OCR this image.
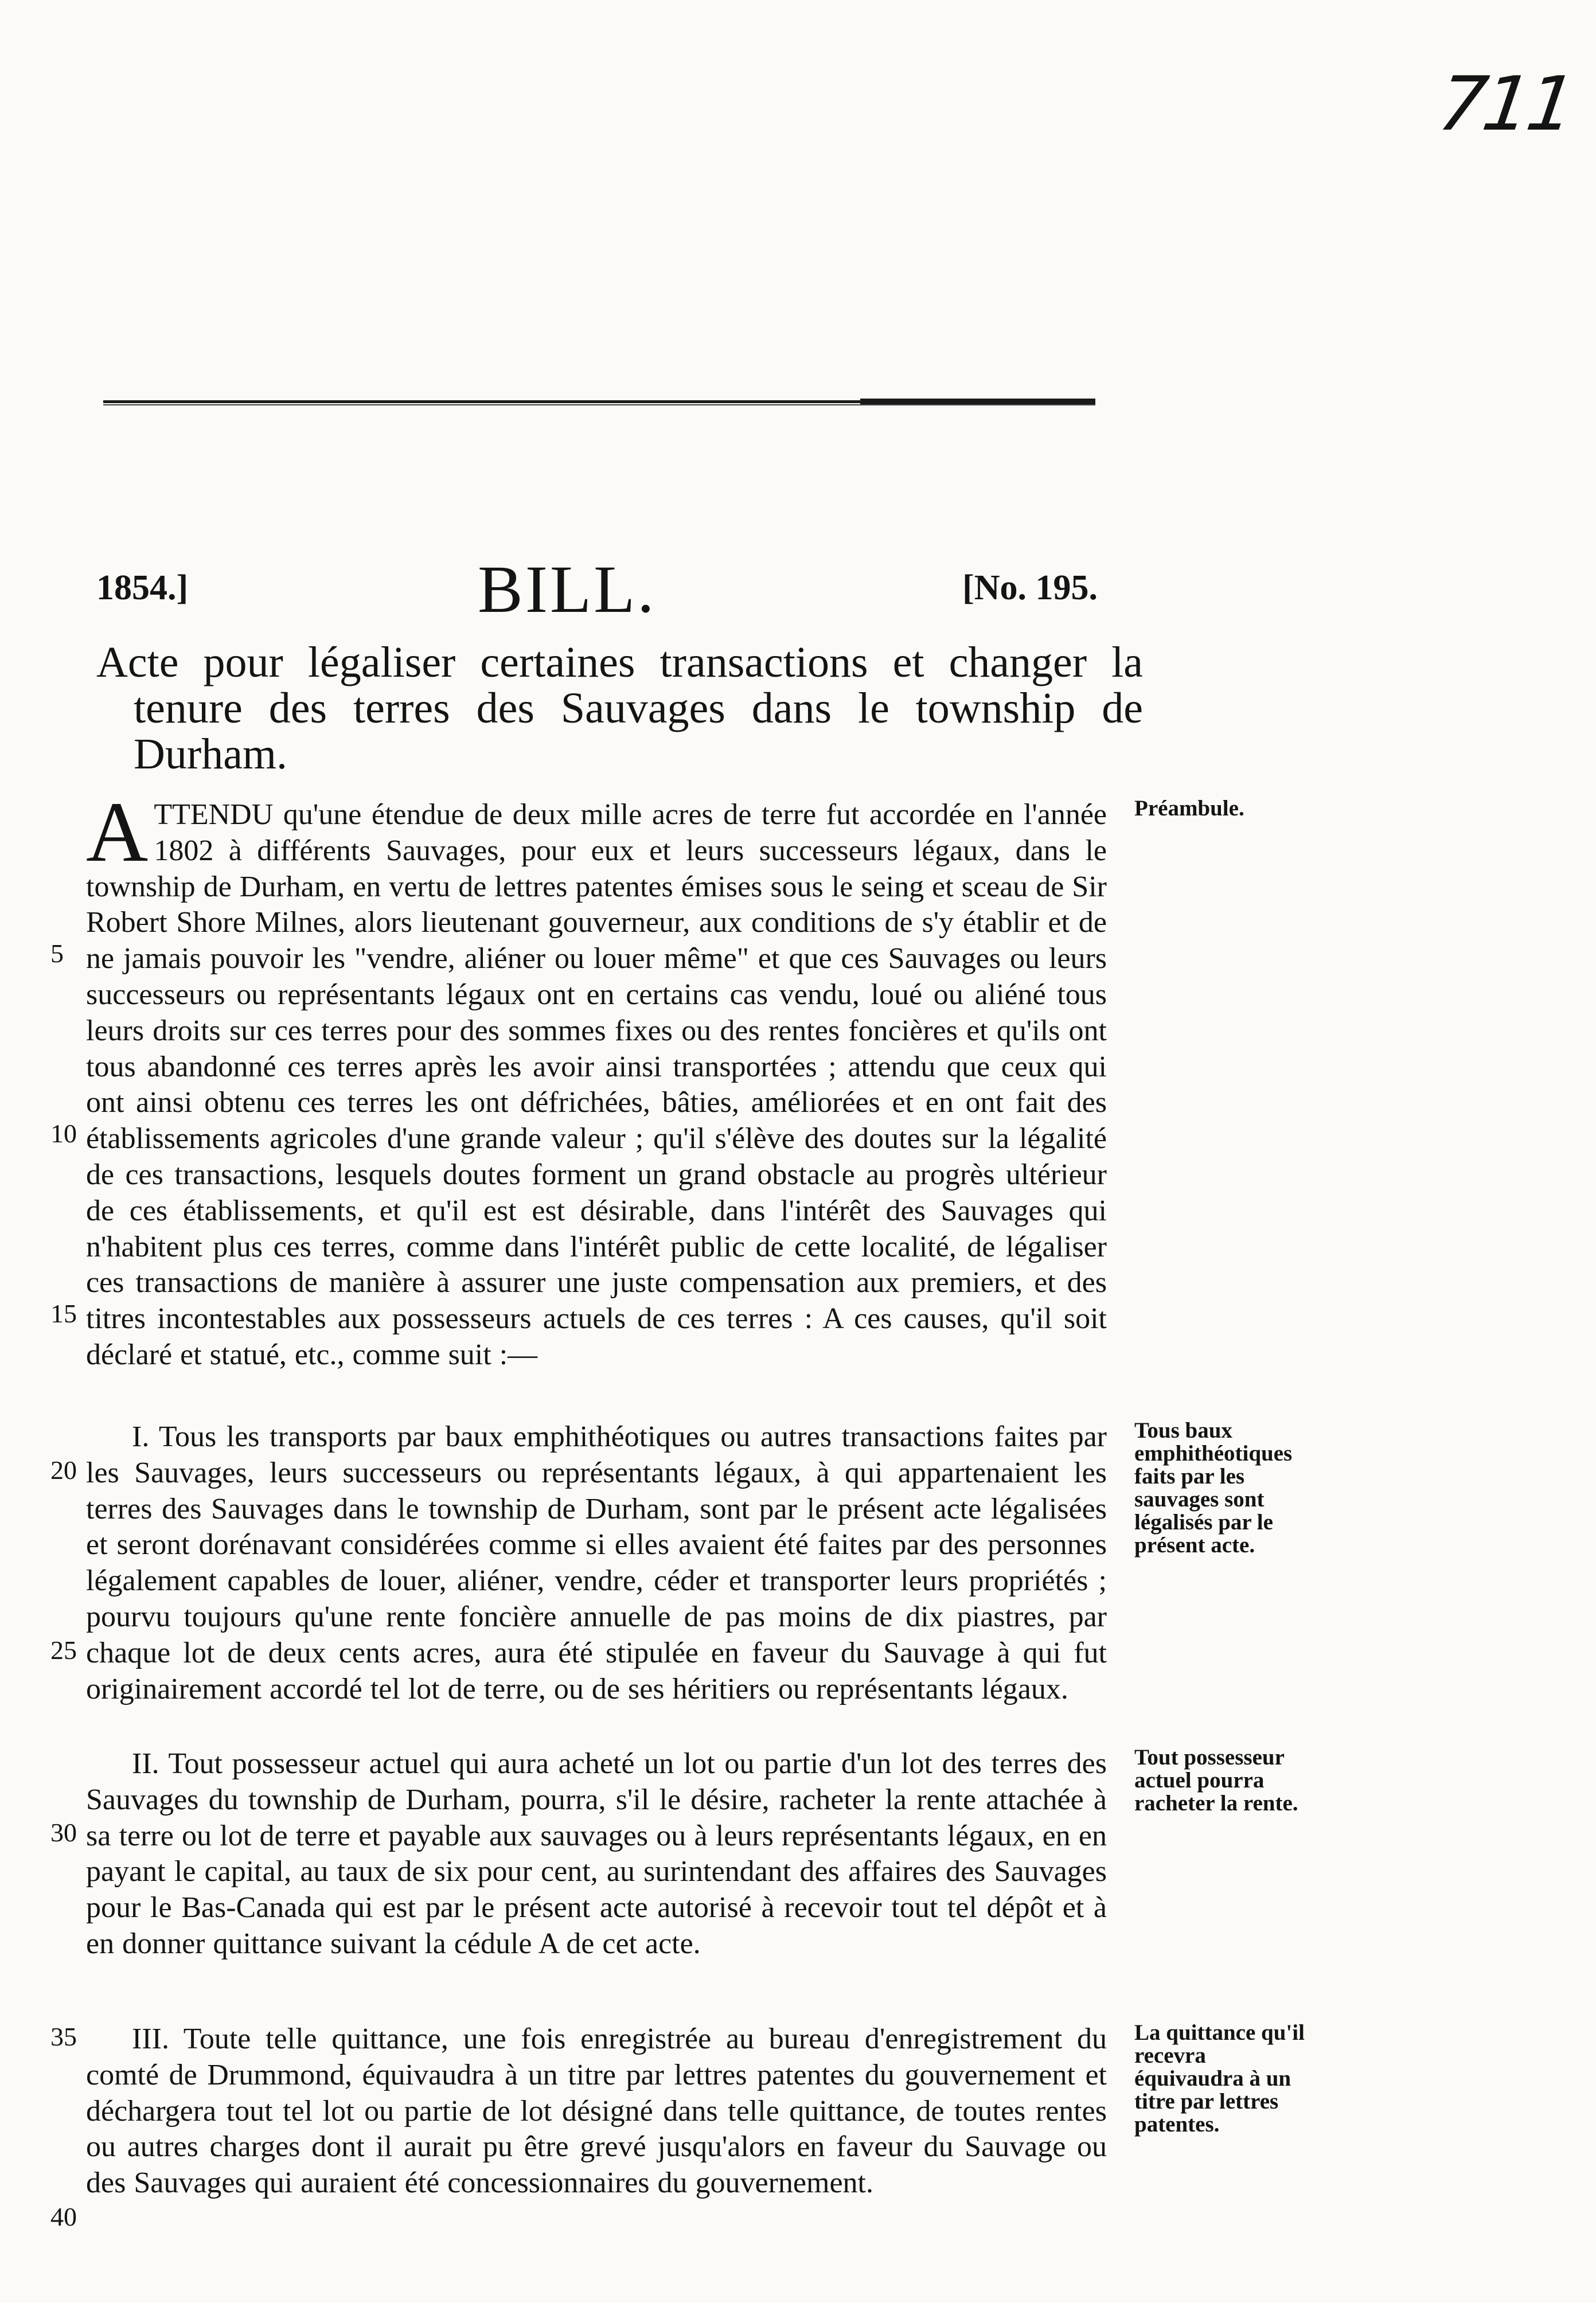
711
1854.]	BILL.	[No. 195.
Acte pour légaliser certaines transactions et changer la tenure des terres des Sauvages dans le township de Durham.
5
10
15

ATTENDU qu'une étendue de deux mille acres de terre fut accordée en l'année 1802 à différents Sauvages, pour eux et leurs successeurs légaux, dans le township de Durham, en vertu de lettres patentes émises sous le seing et sceau de Sir Robert Shore Milnes, alors lieutenant gouverneur, aux conditions de s'y établir et de ne jamais pouvoir les "vendre, aliéner ou louer même" et que ces Sauvages ou leurs successeurs ou représentants légaux ont en certains cas vendu, loué ou aliéné tous leurs droits sur ces terres pour des sommes fixes ou des rentes foncières et qu'ils ont tous abandonné ces terres après les avoir ainsi transportées ; attendu que ceux qui ont ainsi obtenu ces terres les ont défrichées, bâties, améliorées et en ont fait des établissements agricoles d'une grande valeur ; qu'il s'élève des doutes sur la légalité de ces transactions, lesquels doutes forment un grand obstacle au progrès ultérieur de ces établissements, et qu'il est est désirable, dans l'intérêt des Sauvages qui n'habitent plus ces terres, comme dans l'intérêt public de cette localité, de légaliser ces transactions de manière à assurer une juste compensation aux premiers, et des titres incontestables aux possesseurs actuels de ces terres : A ces causes, qu'il soit déclaré et statué, etc., comme suit :—

Préambule.

20
25

I. Tous les transports par baux emphithéotiques ou autres transactions faites par les Sauvages, leurs successeurs ou représentants légaux, à qui appartenaient les terres des Sauvages dans le township de Durham, sont par le présent acte légalisées et seront dorénavant considérées comme si elles avaient été faites par des personnes légalement capables de louer, aliéner, vendre, céder et transporter leurs propriétés ; pourvu toujours qu'une rente foncière annuelle de pas moins de dix piastres, par chaque lot de deux cents acres, aura été stipulée en faveur du Sauvage à qui fut originairement accordé tel lot de terre, ou de ses héritiers ou représentants légaux.

Tous baux emphithéotiques faits par les sauvages sont légalisés par le présent acte.

30

II. Tout possesseur actuel qui aura acheté un lot ou partie d'un lot des terres des Sauvages du township de Durham, pourra, s'il le désire, racheter la rente attachée à sa terre ou lot de terre et payable aux sauvages ou à leurs représentants légaux, en en payant le capital, au taux de six pour cent, au surintendant des affaires des Sauvages pour le Bas-Canada qui est par le présent acte autorisé à recevoir tout tel dépôt et à en donner quittance suivant la cédule A de cet acte.

Tout possesseur actuel pourra racheter la rente.

35
40

III. Toute telle quittance, une fois enregistrée au bureau d'enregistrement du comté de Drummond, équivaudra à un titre par lettres patentes du gouvernement et déchargera tout tel lot ou partie de lot désigné dans telle quittance, de toutes rentes ou autres charges dont il aurait pu être grevé jusqu'alors en faveur du Sauvage ou des Sauvages qui auraient été concessionnaires du gouvernement.

La quittance qu'il recevra équivaudra à un titre par lettres patentes.
